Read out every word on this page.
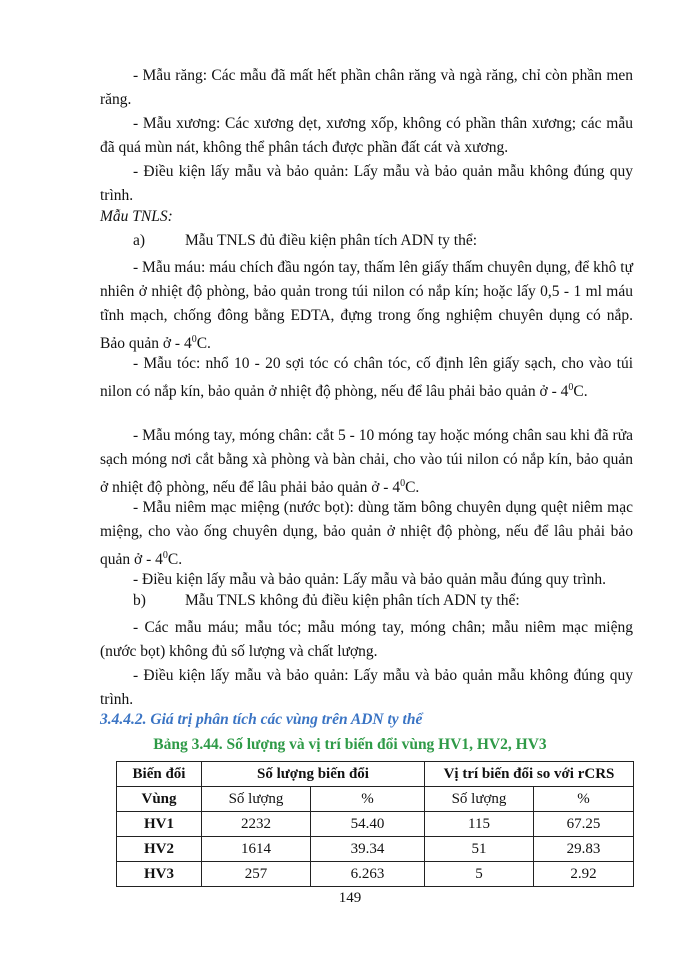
- Mẫu răng: Các mẫu đã mất hết phần chân răng và ngà răng, chỉ còn phần men răng.

- Mẫu xương: Các xương dẹt, xương xốp, không có phần thân xương; các mẫu đã quá mùn nát, không thể phân tách được phần đất cát và xương.

- Điều kiện lấy mẫu và bảo quản: Lấy mẫu và bảo quản mẫu không đúng quy trình.

Mẫu TNLS:

a)	Mẫu TNLS đủ điều kiện phân tích ADN ty thể:

- Mẫu máu: máu chích đầu ngón tay, thấm lên giấy thấm chuyên dụng, để khô tự nhiên ở nhiệt độ phòng, bảo quản trong túi nilon có nắp kín; hoặc lấy 0,5 - 1 ml máu tĩnh mạch, chống đông bằng EDTA, đựng trong ống nghiệm chuyên dụng có nắp. Bảo quản ở - $4^0C$.

- Mẫu tóc: nhổ 10 - 20 sợi tóc có chân tóc, cố định lên giấy sạch, cho vào túi nilon có nắp kín, bảo quản ở nhiệt độ phòng, nếu để lâu phải bảo quản ở - $4^0C$.

- Mẫu móng tay, móng chân: cắt 5 - 10 móng tay hoặc móng chân sau khi đã rửa sạch móng nơi cắt bằng xà phòng và bàn chải, cho vào túi nilon có nắp kín, bảo quản ở nhiệt độ phòng, nếu để lâu phải bảo quản ở - $4^0C$.

- Mẫu niêm mạc miệng (nước bọt): dùng tăm bông chuyên dụng quệt niêm mạc miệng, cho vào ống chuyên dụng, bảo quản ở nhiệt độ phòng, nếu để lâu phải bảo quản ở - $4^0C$.

- Điều kiện lấy mẫu và bảo quản: Lấy mẫu và bảo quản mẫu đúng quy trình.

b)	Mẫu TNLS không đủ điều kiện phân tích ADN ty thể:

- Các mẫu máu; mẫu tóc; mẫu móng tay, móng chân; mẫu niêm mạc miệng (nước bọt) không đủ số lượng và chất lượng.

- Điều kiện lấy mẫu và bảo quản: Lấy mẫu và bảo quản mẫu không đúng quy trình.

3.4.4.2. Giá trị phân tích các vùng trên ADN ty thể

Bảng 3.44. Số lượng và vị trí biến đổi vùng HV1, HV2, HV3

Biến đổi	Số lượng biến đổi		Vị trí biến đổi so với rCRS	
Vùng	Số lượng	%	Số lượng	%
HV1	2232	54.40	115	67.25
HV2	1614	39.34	51	29.83
HV3	257	6.263	5	2.92
149
